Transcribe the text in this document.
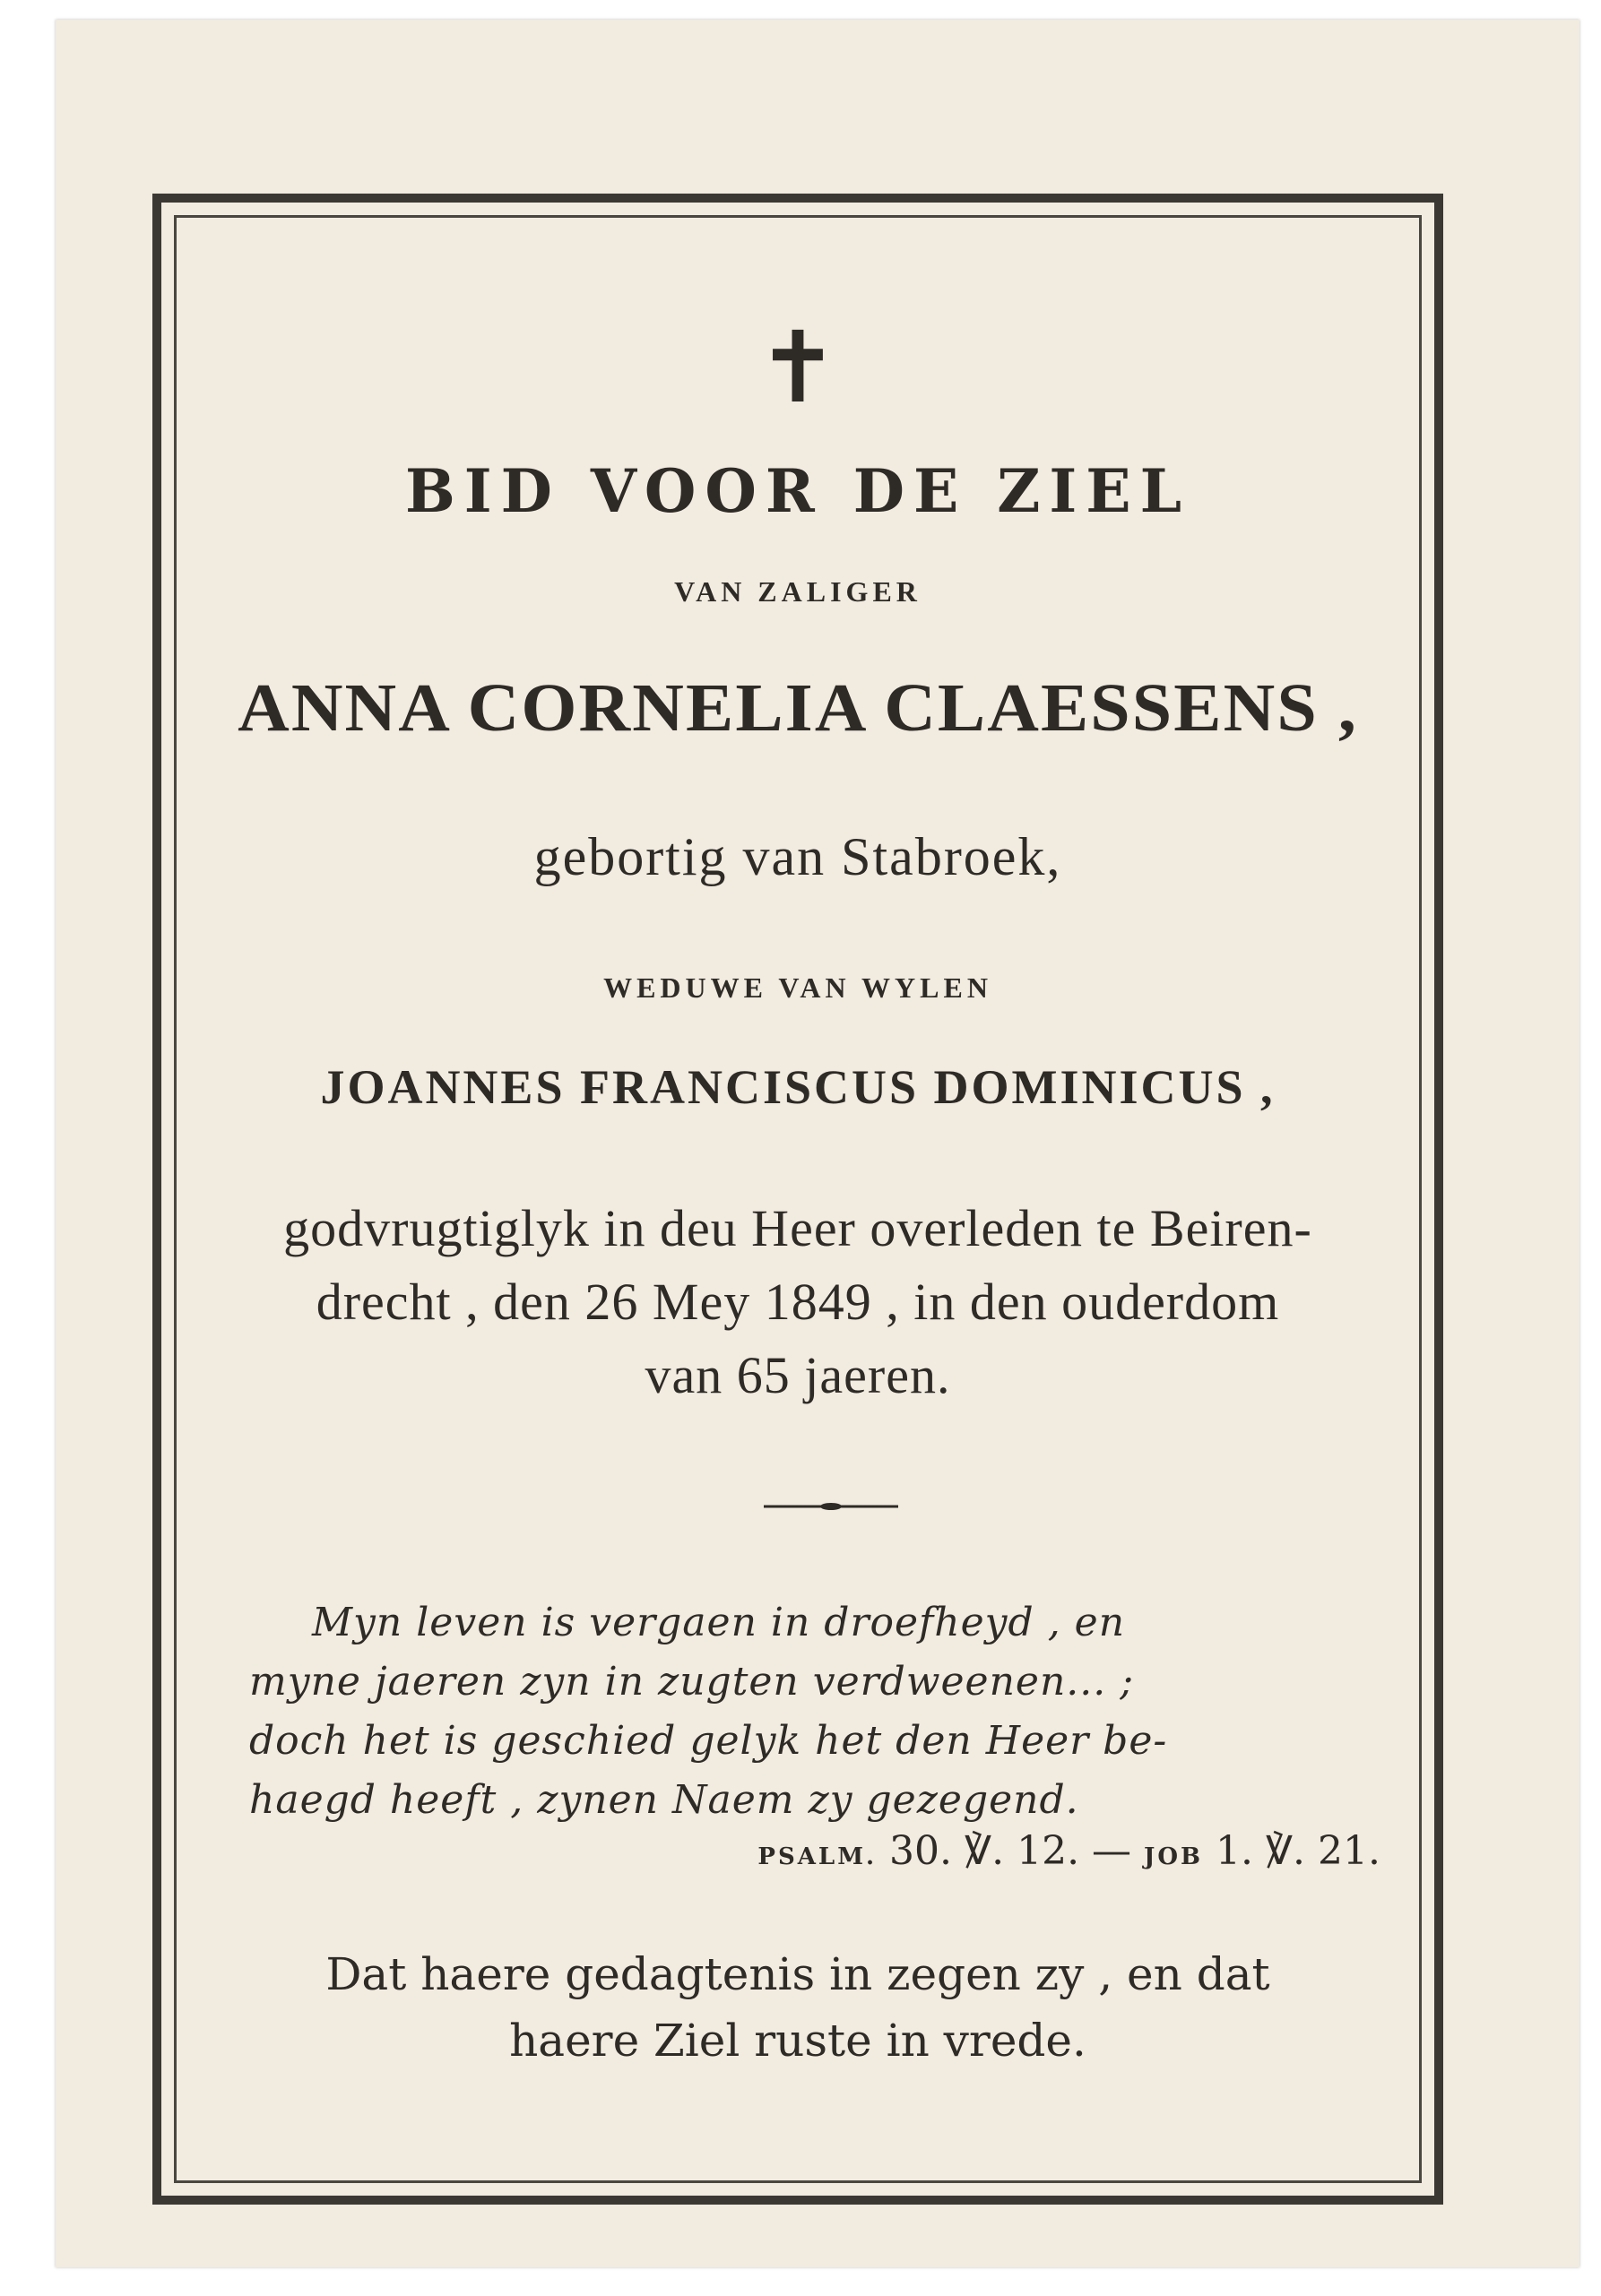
✝
BID VOOR DE ZIEL
VAN ZALIGER
ANNA CORNELIA CLAESSENS ,
gebortig van Stabroek,
WEDUWE VAN WYLEN
JOANNES FRANCISCUS DOMINICUS ,
godvrugtiglyk in deu Heer overleden te Beiren-
drecht , den 26 Mey 1849 , in den ouderdom
van 65 jaeren.
Myn leven is vergaen in droefheyd , en
myne jaeren zyn in zugten verdweenen... ;
doch het is geschied gelyk het den Heer be-
haegd heeft , zynen Naem zy gezegend.
PSALM. 30. ℣. 12. — JOB 1. ℣. 21.
Dat haere gedagtenis in zegen zy , en dat
haere Ziel ruste in vrede.
